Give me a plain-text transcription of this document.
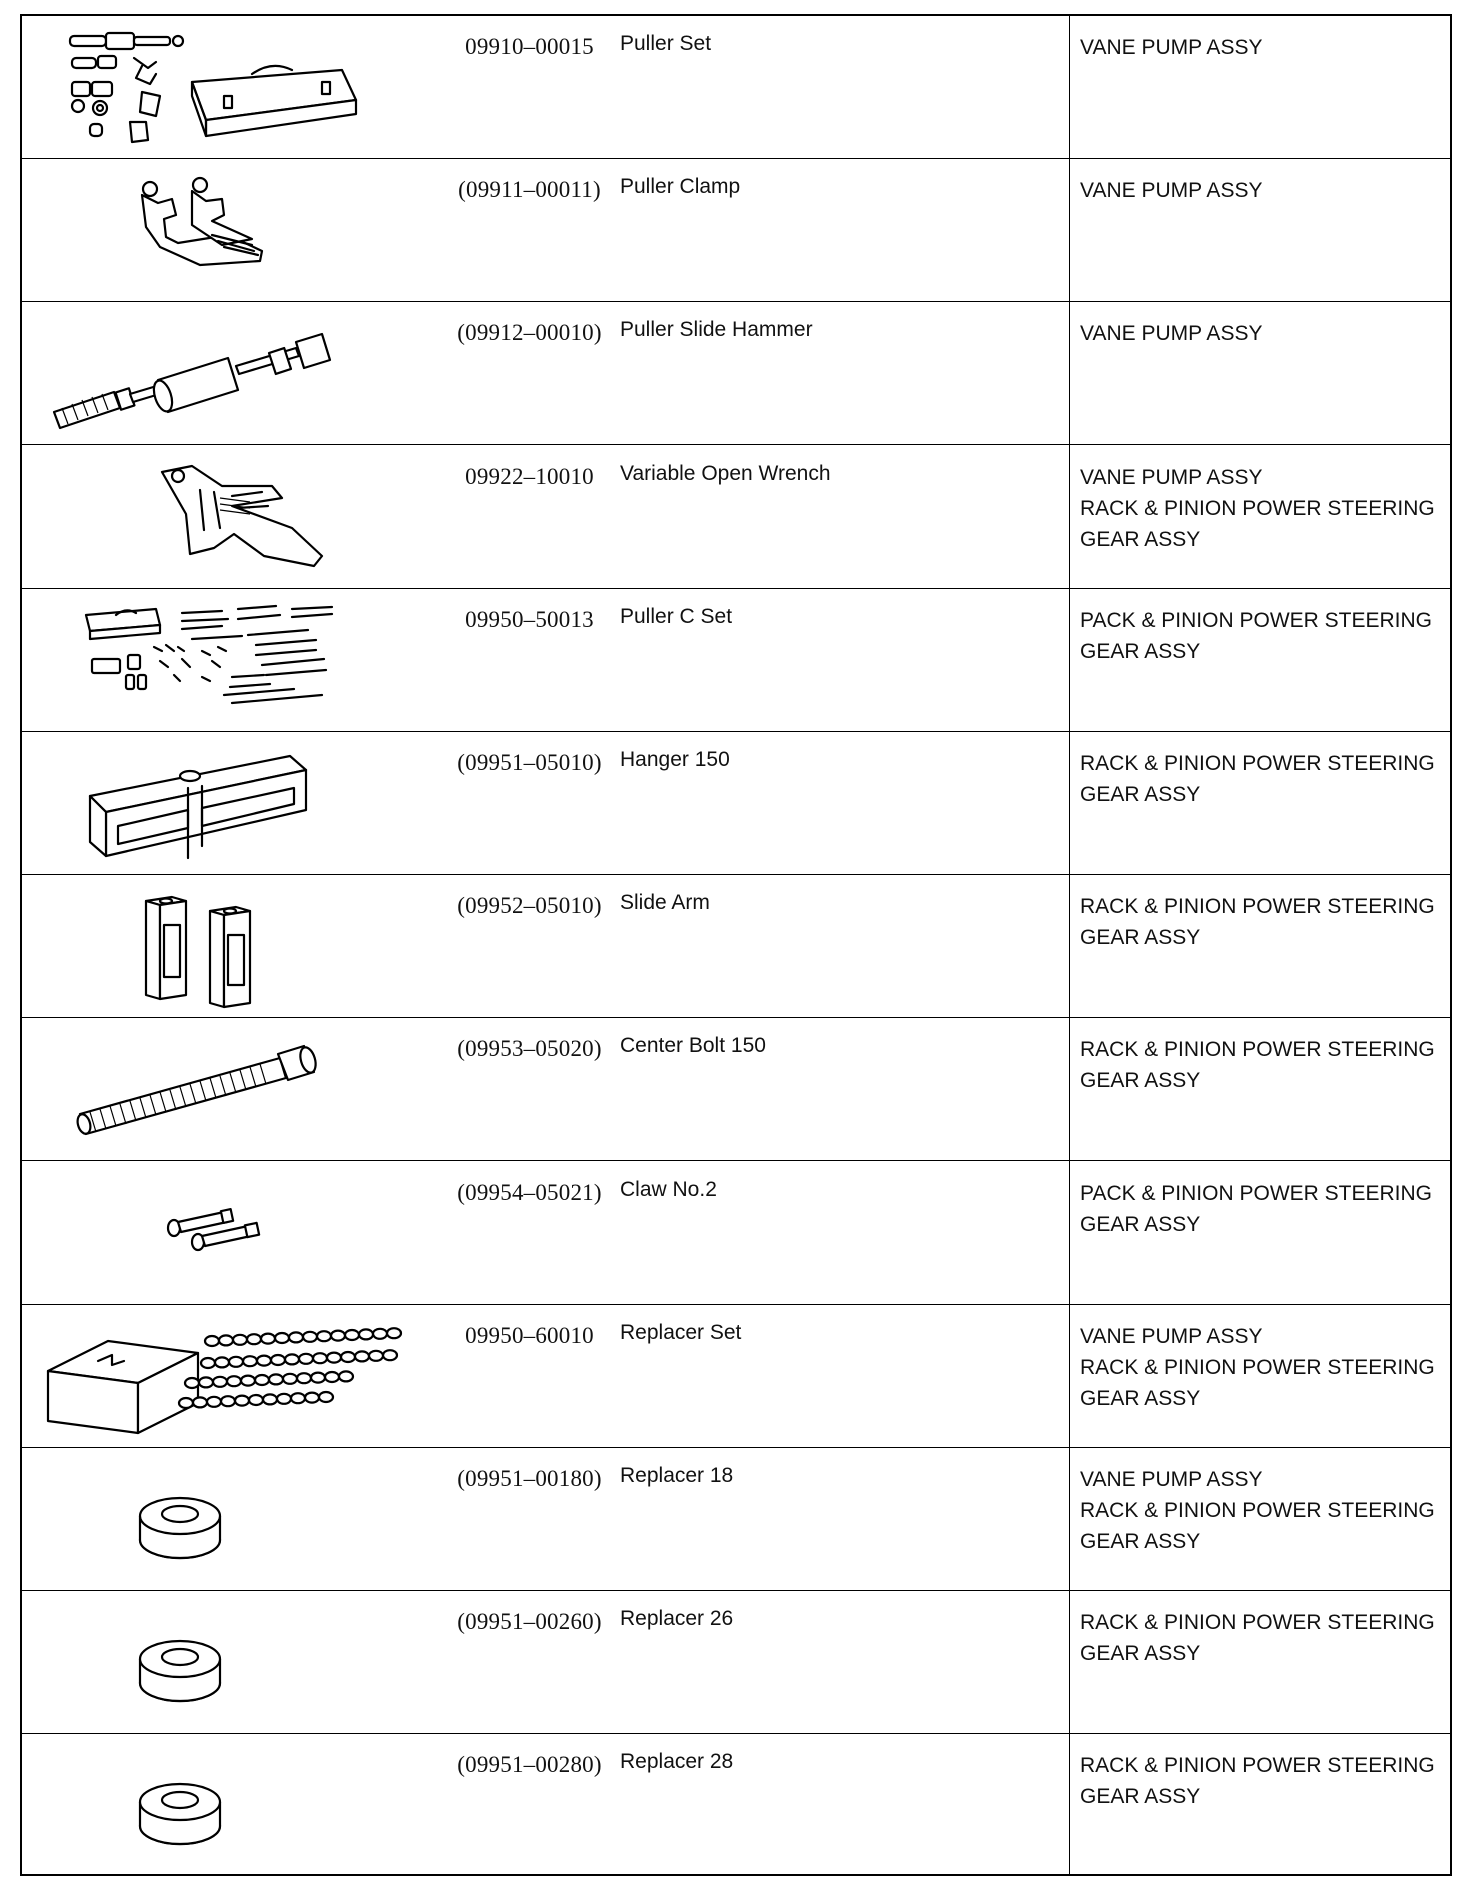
09910–00015	Puller Set	VANE PUMP ASSY
(09911–00011) Puller Clamp	VANE PUMP ASSY
(09912–00010) Puller Slide Hammer	VANE PUMP ASSY
09922–10010	Variable Open Wrench	VANE PUMP ASSY
RACK & PINION POWER STEERING
GEAR ASSY
09950–50013	Puller C Set	PACK & PINION POWER STEERING
GEAR ASSY
(09951–05010) Hanger 150	RACK & PINION POWER STEERING
GEAR ASSY
(09952–05010) Slide Arm	RACK & PINION POWER STEERING
GEAR ASSY
(09953–05020) Center Bolt 150	RACK & PINION POWER STEERING
GEAR ASSY
(09954–05021) Claw No.2	PACK & PINION POWER STEERING
GEAR ASSY
09950–60010	Replacer Set	VANE PUMP ASSY
RACK & PINION POWER STEERING
GEAR ASSY
(09951–00180) Replacer 18	VANE PUMP ASSY
RACK & PINION POWER STEERING
GEAR ASSY
(09951–00260) Replacer 26	RACK & PINION POWER STEERING
GEAR ASSY
(09951–00280) Replacer 28	RACK & PINION POWER STEERING
GEAR ASSY
